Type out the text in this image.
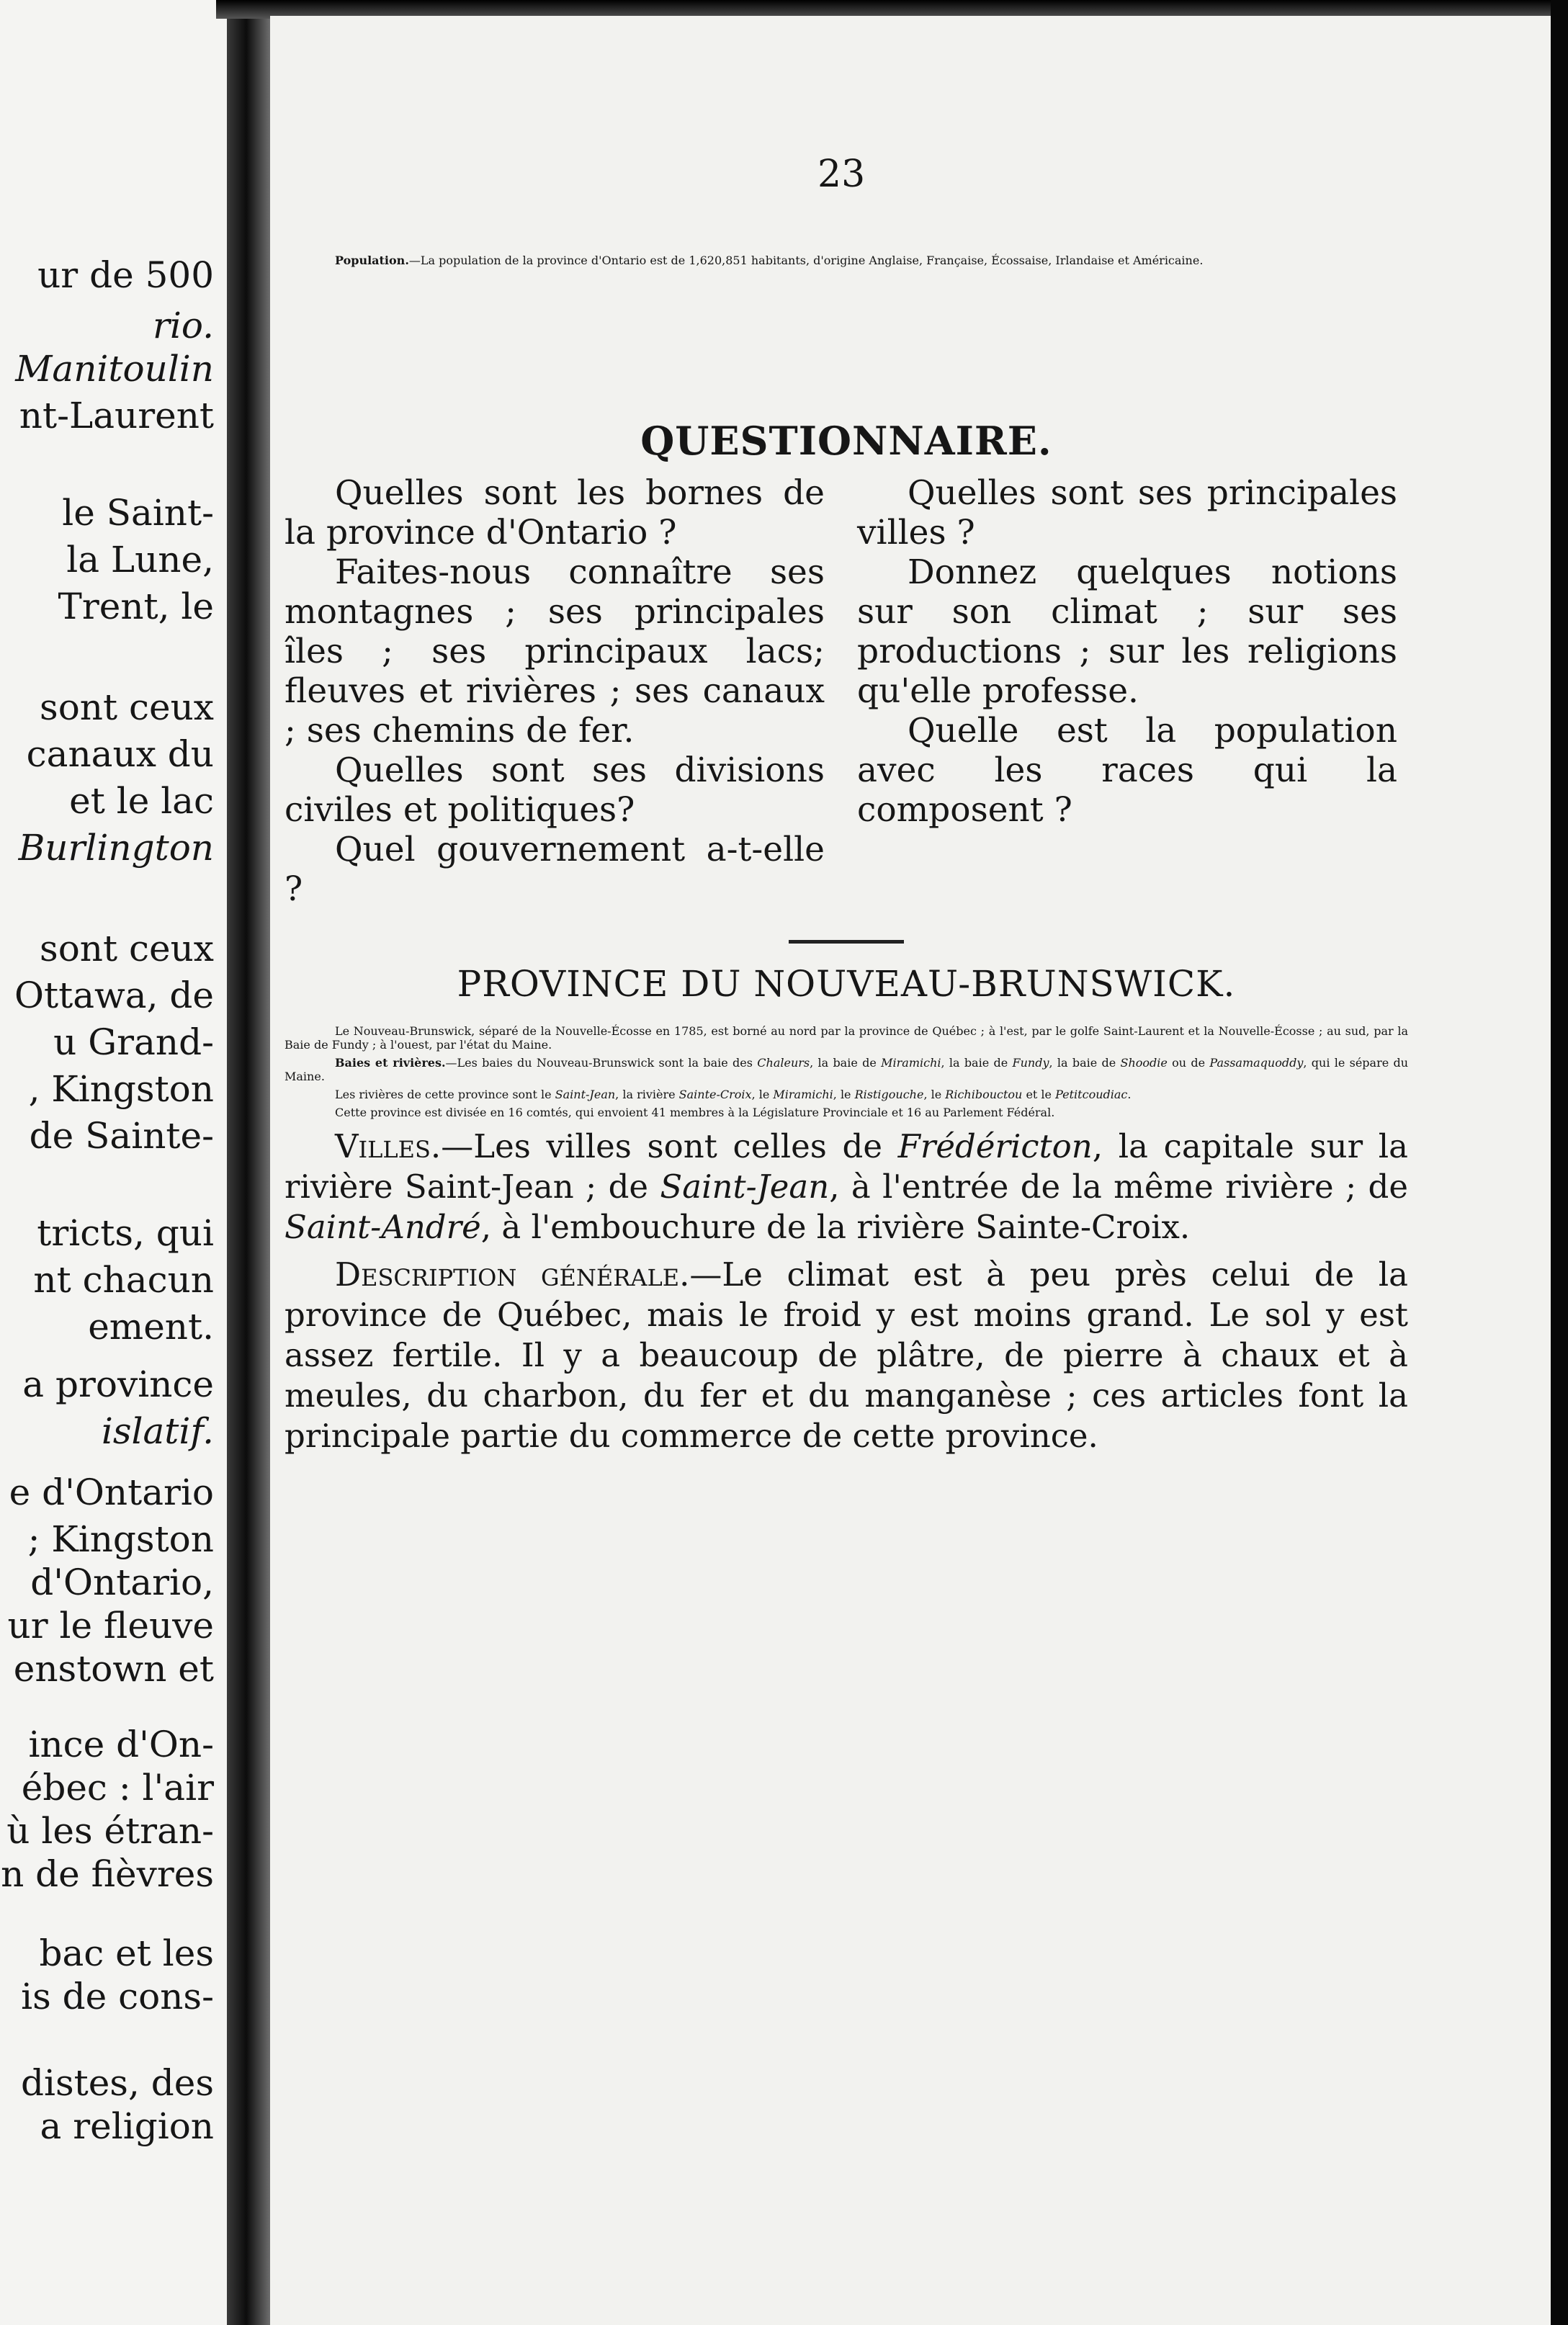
ur de 500
rio.
Manitoulin
nt-Laurent
le Saint-
la Lune,
Trent, le
sont ceux
canaux du
et le lac
Burlington
sont ceux
Ottawa, de
u Grand-
, Kingston
de Sainte-
tricts, qui
nt chacun
ement.
a province
islatif.
e d'Ontario
; Kingston
d'Ontario,
ur le fleuve
enstown et
ince d'On-
ébec : l'air
ù les étran-
n de fièvres
bac et les
is de cons-
distes, des
a religion
23

Population.—La population de la province d'Ontario est de 1,620,851 habitants, d'origine Anglaise, Française, Écossaise, Irlandaise et Américaine.

QUESTIONNAIRE.

Quelles sont les bornes de la province d'Ontario ?

Faites-nous connaître ses montagnes ; ses principales îles ; ses principaux lacs; fleuves et rivières ; ses canaux ; ses chemins de fer.

Quelles sont ses divisions civiles et politiques?

Quel gouvernement a-t-elle ?

Quelles sont ses principales villes ?

Donnez quelques notions sur son climat ; sur ses productions ; sur les religions qu'elle professe.

Quelle est la population avec les races qui la composent ?

PROVINCE DU NOUVEAU-BRUNSWICK.

Le Nouveau-Brunswick, séparé de la Nouvelle-Écosse en 1785, est borné au nord par la province de Québec ; à l'est, par le golfe Saint-Laurent et la Nouvelle-Écosse ; au sud, par la Baie de Fundy ; à l'ouest, par l'état du Maine.

Baies et rivières.—Les baies du Nouveau-Brunswick sont la baie des Chaleurs, la baie de Miramichi, la baie de Fundy, la baie de Shoodie ou de Passamaquoddy, qui le sépare du Maine.

Les rivières de cette province sont le Saint-Jean, la rivière Sainte-Croix, le Miramichi, le Ristigouche, le Richibouctou et le Petitcoudiac.

Cette province est divisée en 16 comtés, qui envoient 41 membres à la Législature Provinciale et 16 au Parlement Fédéral.

Villes.—Les villes sont celles de Frédéricton, la capitale sur la rivière Saint-Jean ; de Saint-Jean, à l'entrée de la même rivière ; de Saint-André, à l'embouchure de la rivière Sainte-Croix.

Description générale.—Le climat est à peu près celui de la province de Québec, mais le froid y est moins grand. Le sol y est assez fertile. Il y a beaucoup de plâtre, de pierre à chaux et à meules, du charbon, du fer et du manganèse ; ces articles font la principale partie du commerce de cette province.
